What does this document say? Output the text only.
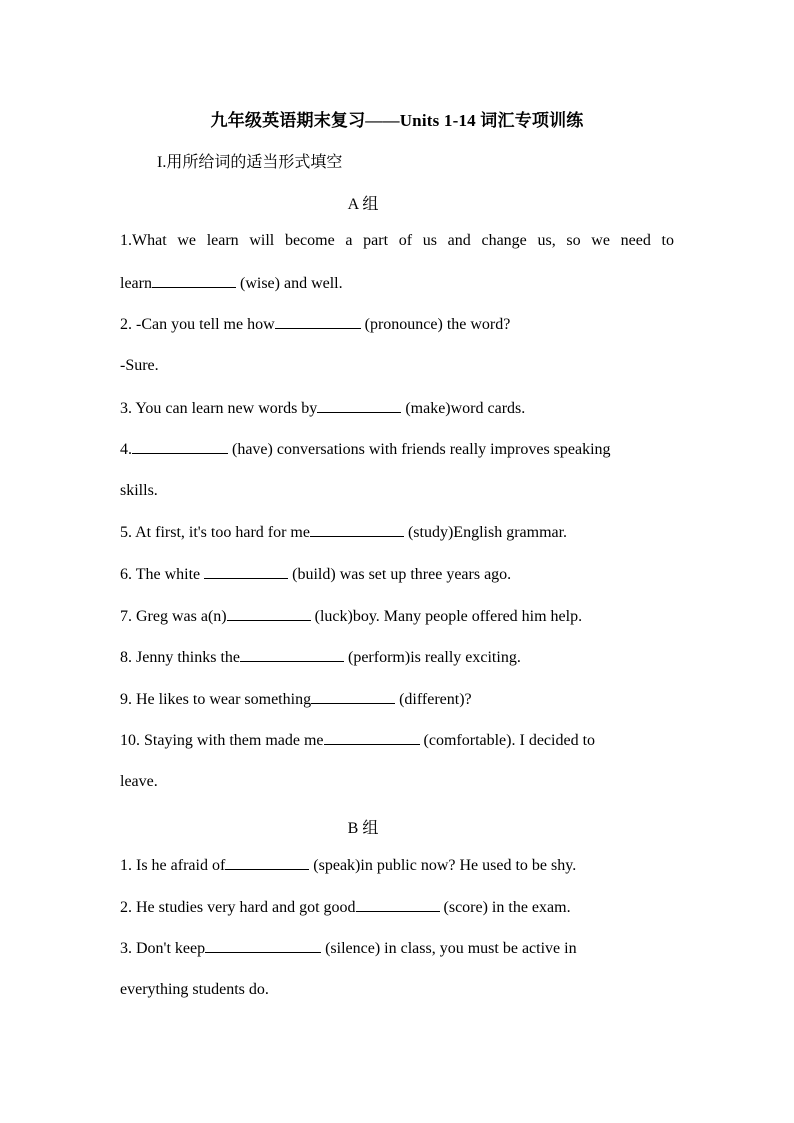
九年级英语期末复习——Units 1-14 词汇专项训练
I.用所给词的适当形式填空
A 组
1.What we learn will become a part of us and change us, so we need to
learn	(wise) and well.
2. -Can you tell me how	(pronounce) the word?
-Sure.
3. You can learn new words by	(make)word cards.
4.	(have) conversations with friends really improves speaking
skills.
5. At first, it's too hard for me	(study)English grammar.
6. The white	(build) was set up three years ago.
7. Greg was a(n)	(luck)boy. Many people offered him help.
8. Jenny thinks the	(perform)is really exciting.
9. He likes to wear something	(different)?
10. Staying with them made me	(comfortable). I decided to
leave.
B 组
1. Is he afraid of	(speak)in public now? He used to be shy.
2. He studies very hard and got good	(score) in the exam.
3. Don't keep	(silence) in class, you must be active in
everything students do.
